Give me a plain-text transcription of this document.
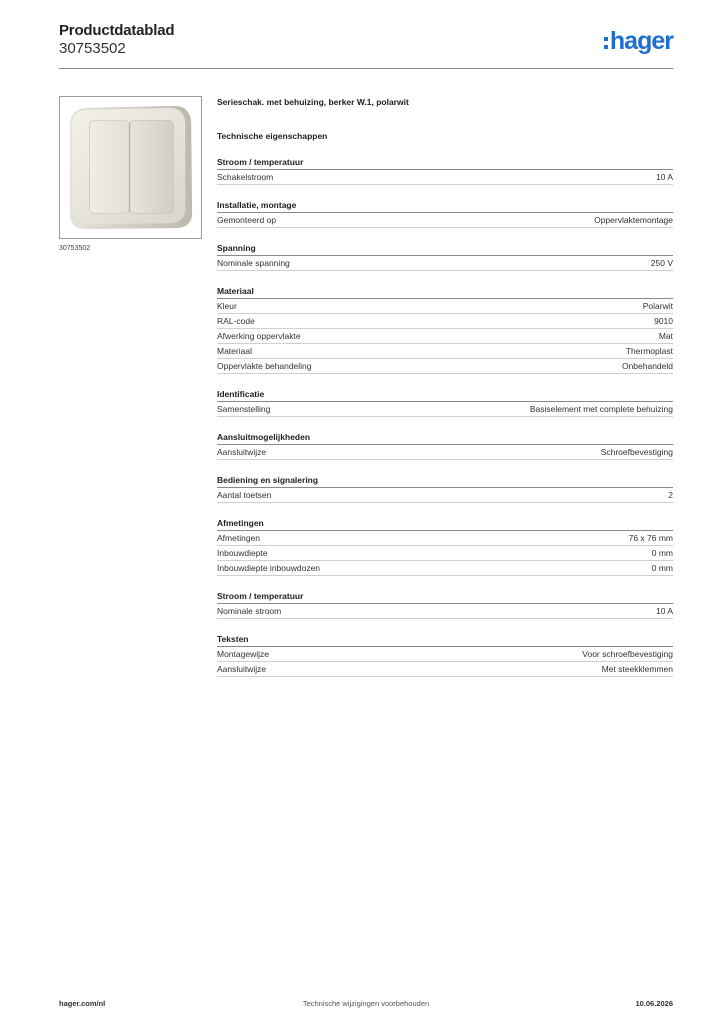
Productdatablad
30753502	hager
30753502
Serieschak. met behuizing, berker W.1, polarwit
Technische eigenschappen
Stroom / temperatuur
Schakelstroom	10 A
Installatie, montage
Gemonteerd op	Oppervlaktemontage
Spanning
Nominale spanning	250 V
Materiaal
Kleur	Polarwit
RAL-code	9010
Afwerking oppervlakte	Mat
Materiaal	Thermoplast
Oppervlakte behandeling	Onbehandeld
Identificatie
Samenstelling	Basiselement met complete behuizing
Aansluitmogelijkheden
Aansluitwijze	Schroefbevestiging
Bediening en signalering
Aantal toetsen	2
Afmetingen
Afmetingen	76 x 76 mm
Inbouwdiepte	0 mm
Inbouwdiepte inbouwdozen	0 mm
Stroom / temperatuur
Nominale stroom	10 A
Teksten
Montagewijze	Voor schroefbevestiging
Aansluitwijze	Met steekklemmen
hager.com/nl	Technische wijzigingen voorbehouden	10.06.2026
